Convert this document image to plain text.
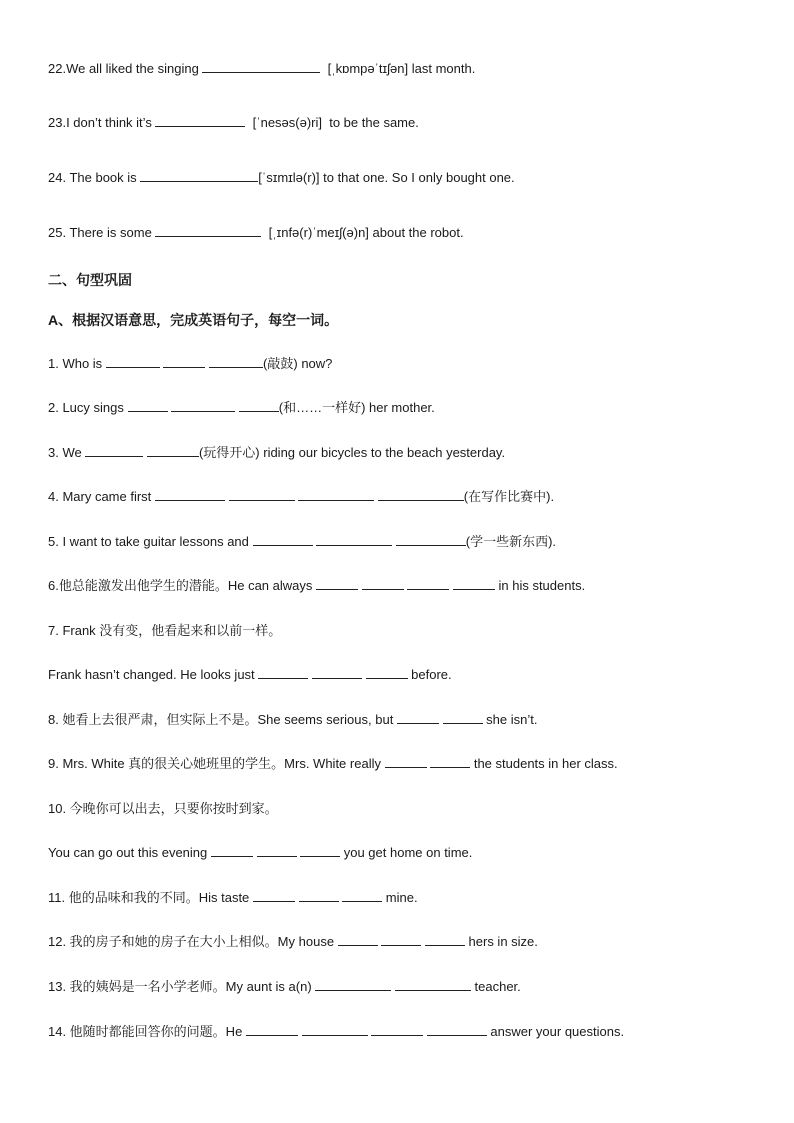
22.We all liked the singing	[ˌkɒmpəˈtɪʃən] last month.
23.I don’t think it’s	[ˈnesəs(ə)ri]  to be the same.
24. The book is	[ˈsɪmɪlə(r)] to that one. So I only bought one.
25. There is some	[ˌɪnfə(r)ˈmeɪʃ(ə)n] about the robot.
二、句型巩固
A、根据汉语意思，完成英语句子，每空一词。
1. Who is	(敲鼓) now?
2. Lucy sings	(和……一样好) her mother.
3. We	(玩得开心) riding our bicycles to the beach yesterday.
4. Mary came first	(在写作比赛中).
5. I want to take guitar lessons and	(学一些新东西).
6.他总能激发出他学生的潜能。He can always	in his students.
7. Frank 没有变，他看起来和以前一样。
Frank hasn’t changed. He looks just	before.
8. 她看上去很严肃，但实际上不是。She seems serious, but	she isn’t.
9. Mrs. White 真的很关心她班里的学生。Mrs. White really	the students in her class.
10. 今晚你可以出去，只要你按时到家。
You can go out this evening	you get home on time.
11. 他的品味和我的不同。His taste	mine.
12. 我的房子和她的房子在大小上相似。My house	hers in size.
13. 我的姨妈是一名小学老师。My aunt is a(n)	teacher.
14. 他随时都能回答你的问题。He	answer your questions.
